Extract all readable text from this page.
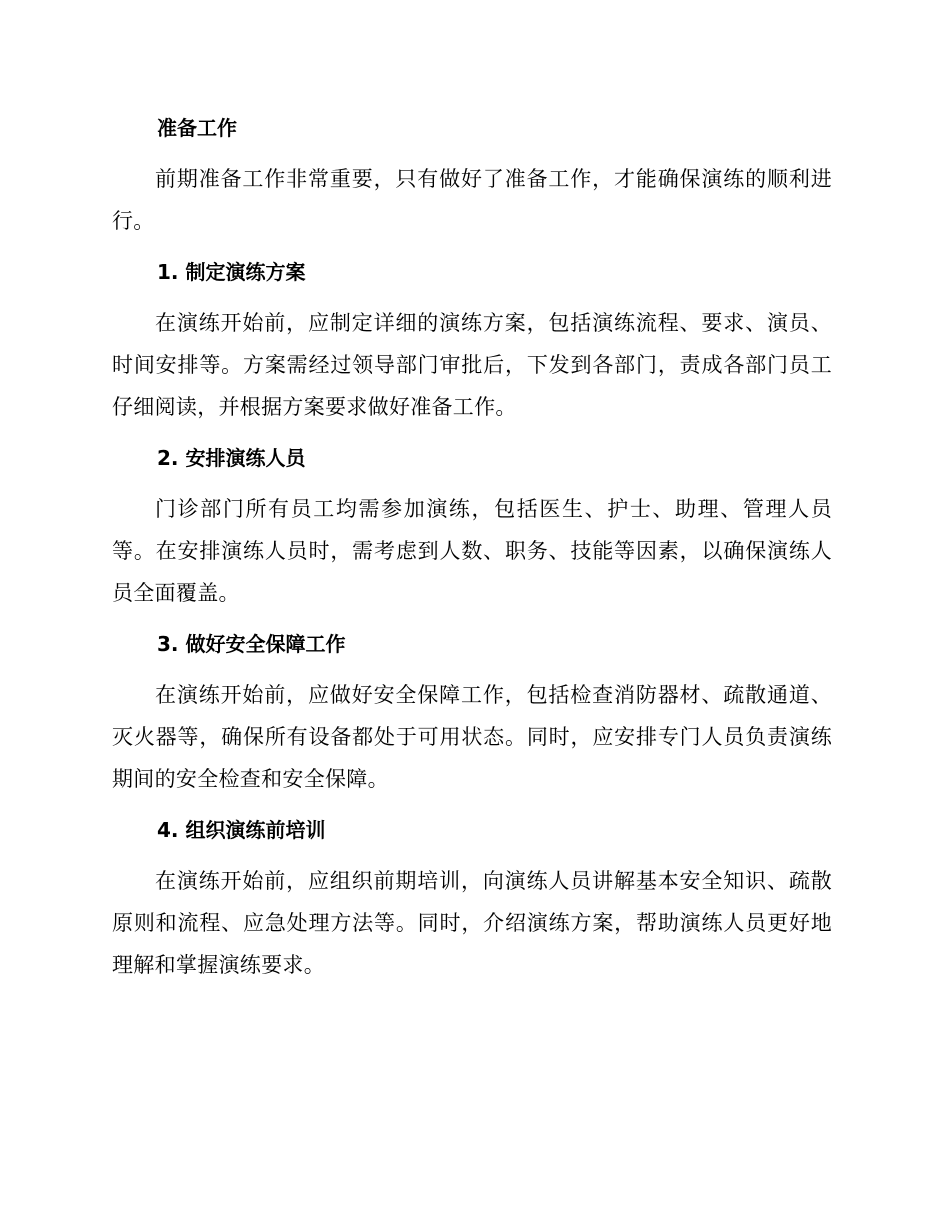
准备工作
前期准备工作非常重要，只有做好了准备工作，才能确保演练的顺利进行。
1. 制定演练方案
在演练开始前，应制定详细的演练方案，包括演练流程、要求、演员、时间安排等。方案需经过领导部门审批后，下发到各部门，责成各部门员工仔细阅读，并根据方案要求做好准备工作。
2. 安排演练人员
门诊部门所有员工均需参加演练，包括医生、护士、助理、管理人员等。在安排演练人员时，需考虑到人数、职务、技能等因素，以确保演练人员全面覆盖。
3. 做好安全保障工作
在演练开始前，应做好安全保障工作，包括检查消防器材、疏散通道、灭火器等，确保所有设备都处于可用状态。同时，应安排专门人员负责演练期间的安全检查和安全保障。
4. 组织演练前培训
在演练开始前，应组织前期培训，向演练人员讲解基本安全知识、疏散原则和流程、应急处理方法等。同时，介绍演练方案，帮助演练人员更好地理解和掌握演练要求。
